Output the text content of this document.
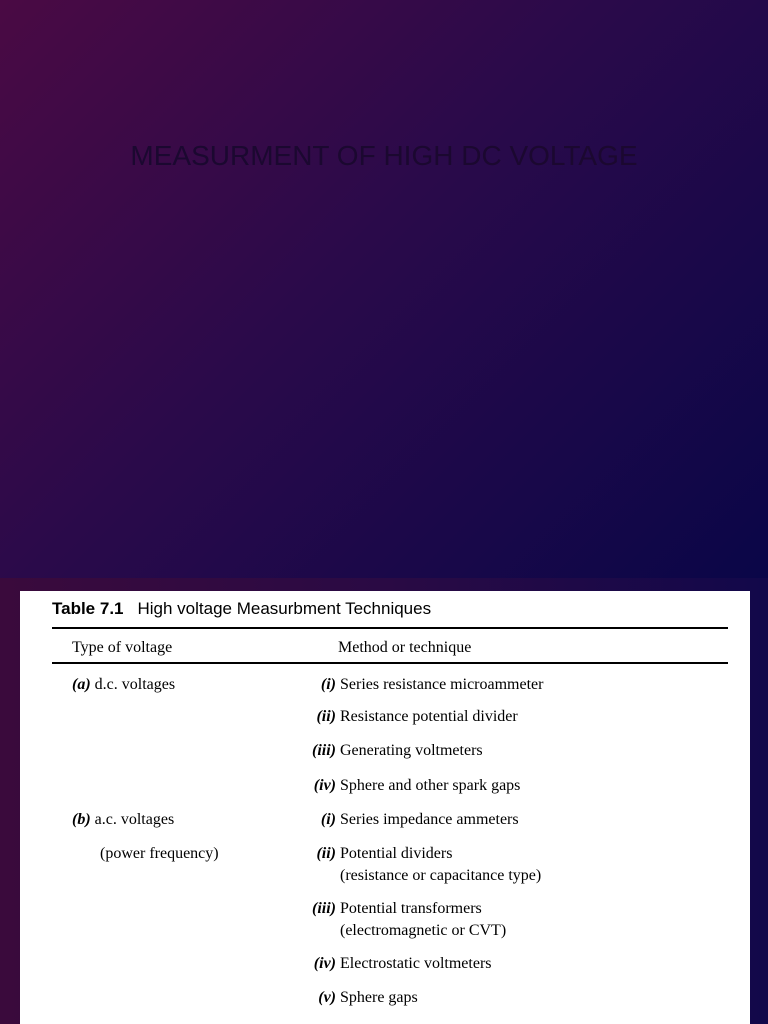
MEASURMENT OF HIGH DC VOLTAGE
Table 7.1 High voltage Measurbment Techniques
Type of voltage	Method or technique
(a) d.c. voltages	(i) Series resistance microammeter
(ii) Resistance potential divider
(iii) Generating voltmeters
(iv) Sphere and other spark gaps
(b) a.c. voltages
(power frequency)
(i) Series impedance ammeters
(ii) Potential dividers
(resistance or capacitance type)
(iii) Potential transformers
(electromagnetic or CVT)
(iv) Electrostatic voltmeters
(v) Sphere gaps
